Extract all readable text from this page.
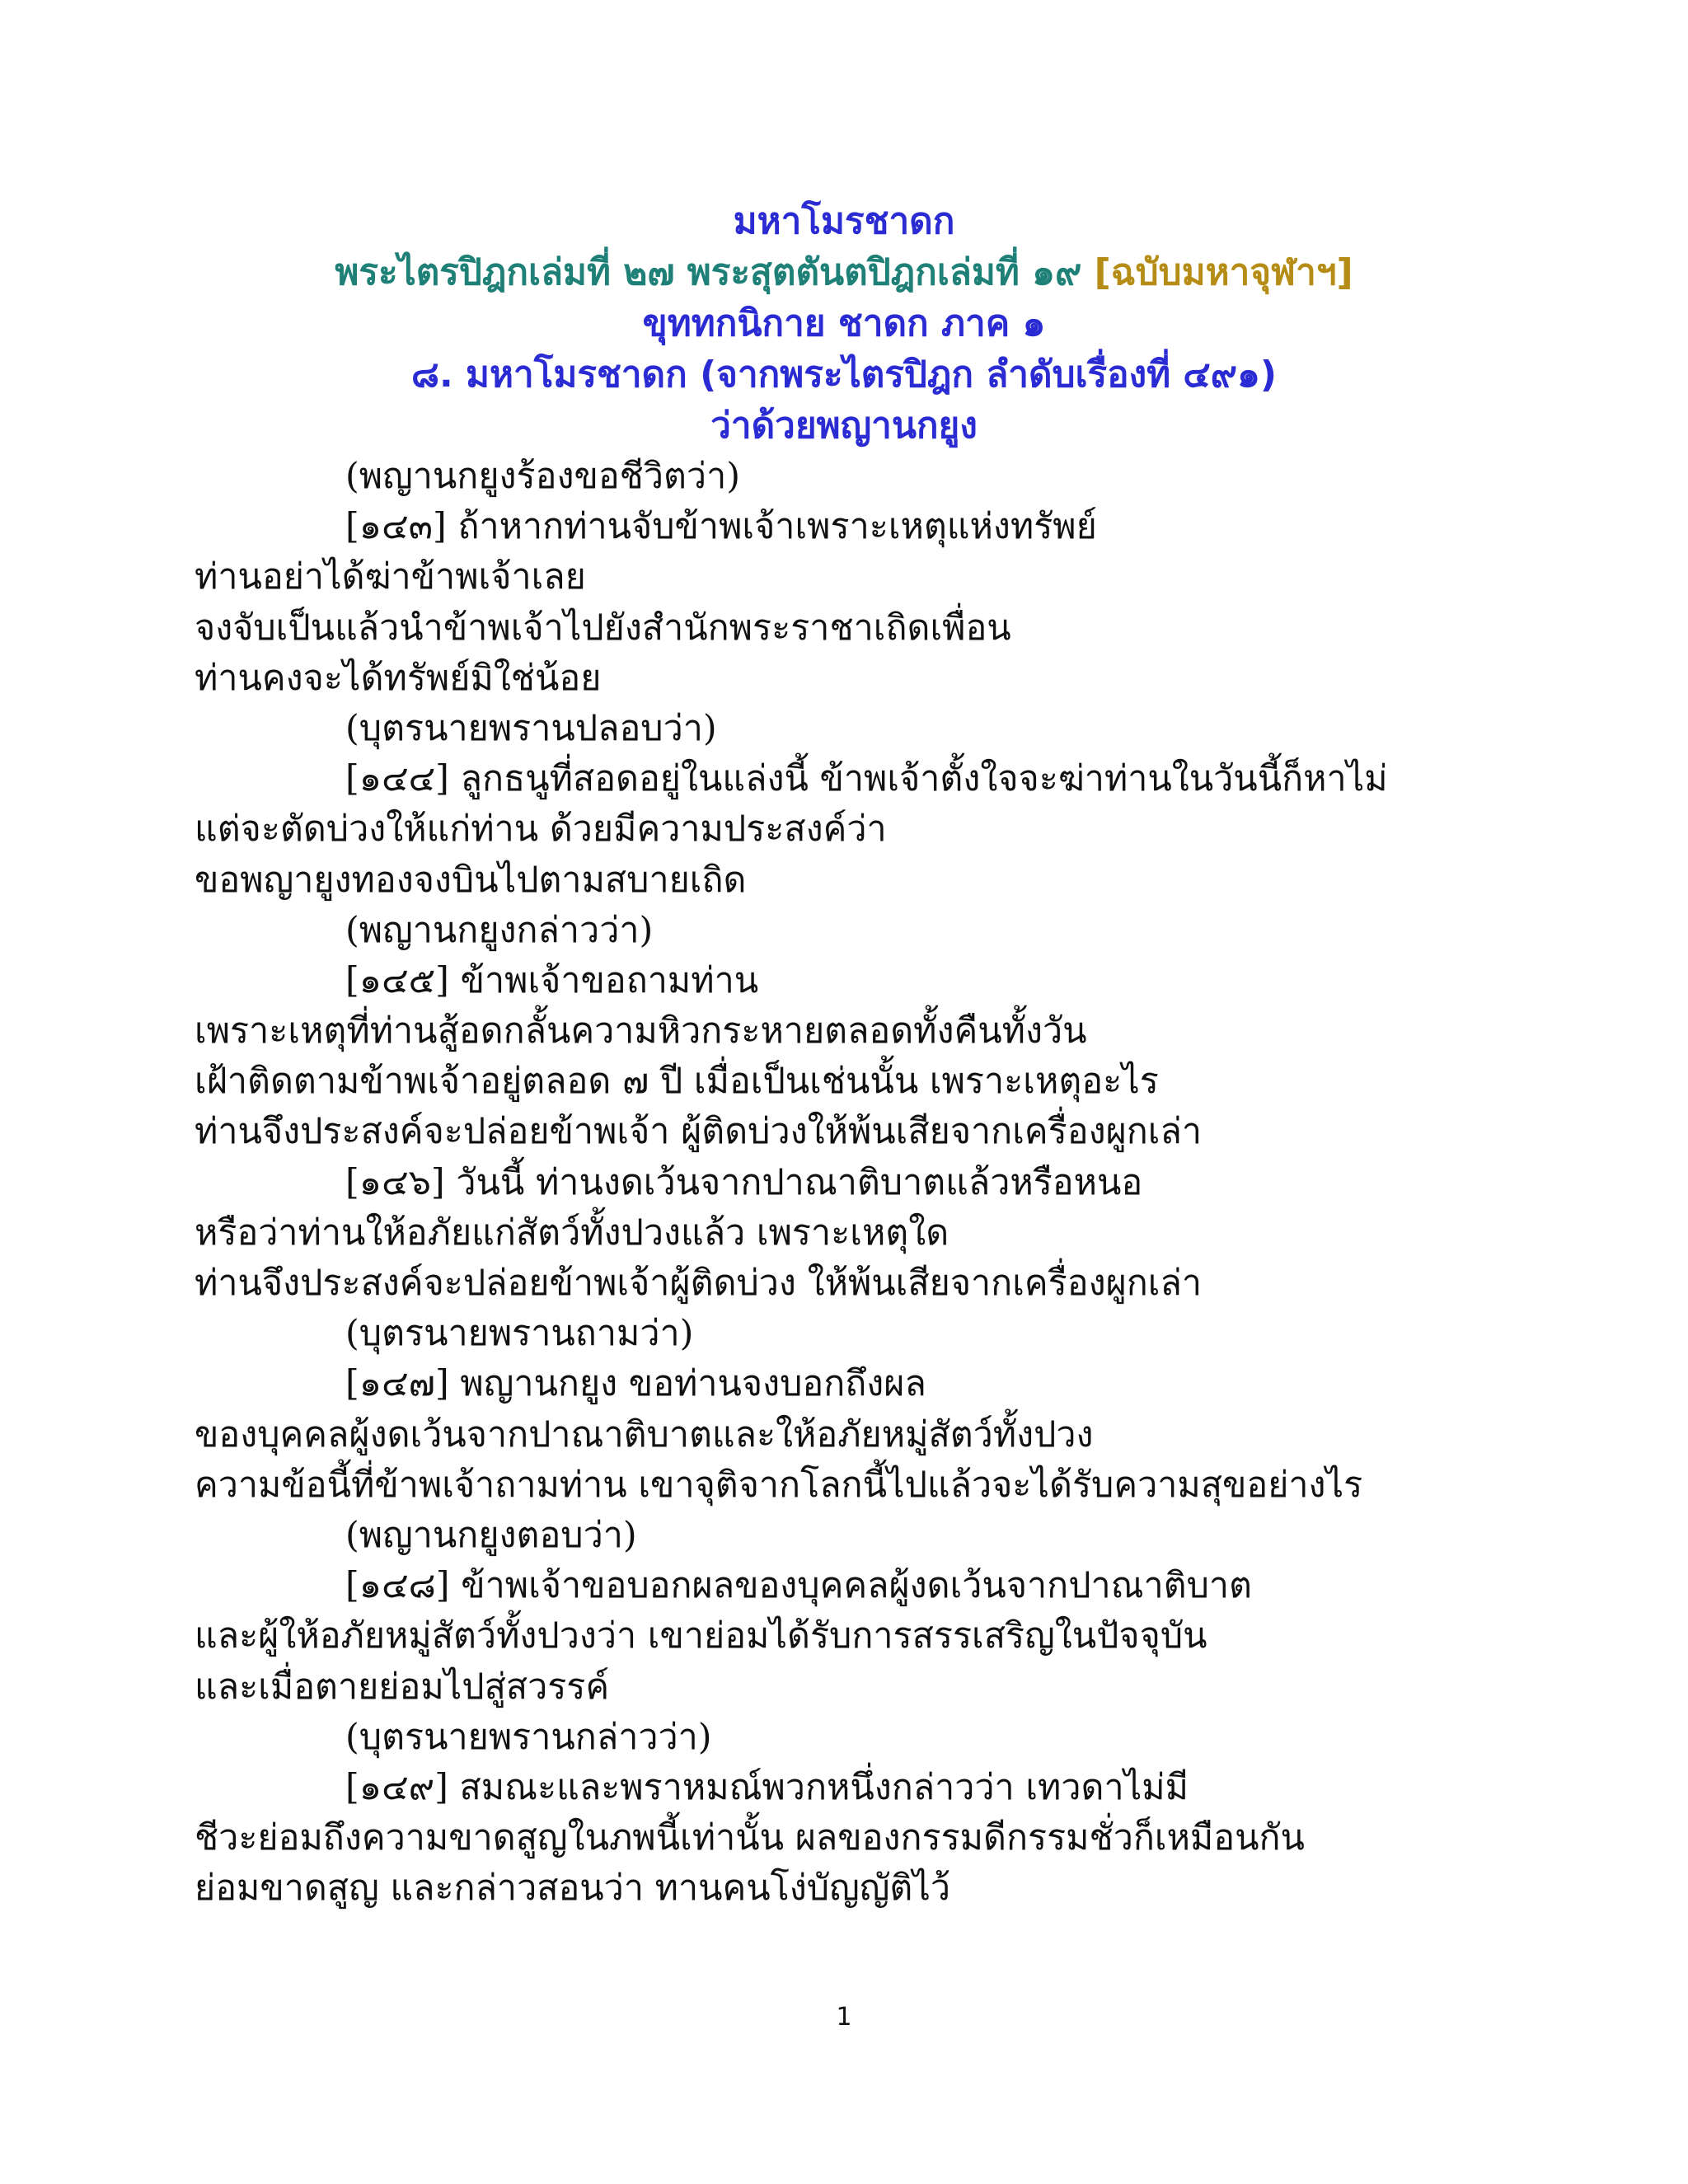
มหาโมรชาดก
พระไตรปิฎกเล่มที่ ๒๗ พระสุตตันตปิฎกเล่มที่ ๑๙ [ฉบับมหาจุฬาฯ]
ขุททกนิกาย ชาดก ภาค ๑
๘. มหาโมรชาดก (จากพระไตรปิฎก ลำดับเรื่องที่ ๔๙๑)
ว่าด้วยพญานกยูง
(พญานกยูงร้องขอชีวิตว่า)
[๑๔๓] ถ้าหากท่านจับข้าพเจ้าเพราะเหตุแห่งทรัพย์
ท่านอย่าได้ฆ่าข้าพเจ้าเลย
จงจับเป็นแล้วนำข้าพเจ้าไปยังสำนักพระราชาเถิดเพื่อน
ท่านคงจะได้ทรัพย์มิใช่น้อย
(บุตรนายพรานปลอบว่า)
[๑๔๔] ลูกธนูที่สอดอยู่ในแล่งนี้ ข้าพเจ้าตั้งใจจะฆ่าท่านในวันนี้ก็หาไม่
แต่จะตัดบ่วงให้แก่ท่าน ด้วยมีความประสงค์ว่า
ขอพญายูงทองจงบินไปตามสบายเถิด
(พญานกยูงกล่าวว่า)
[๑๔๕] ข้าพเจ้าขอถามท่าน
เพราะเหตุที่ท่านสู้อดกลั้นความหิวกระหายตลอดทั้งคืนทั้งวัน
เฝ้าติดตามข้าพเจ้าอยู่ตลอด ๗ ปี เมื่อเป็นเช่นนั้น เพราะเหตุอะไร
ท่านจึงประสงค์จะปล่อยข้าพเจ้า ผู้ติดบ่วงให้พ้นเสียจากเครื่องผูกเล่า
[๑๔๖] วันนี้ ท่านงดเว้นจากปาณาติบาตแล้วหรือหนอ
หรือว่าท่านให้อภัยแก่สัตว์ทั้งปวงแล้ว เพราะเหตุใด
ท่านจึงประสงค์จะปล่อยข้าพเจ้าผู้ติดบ่วง ให้พ้นเสียจากเครื่องผูกเล่า
(บุตรนายพรานถามว่า)
[๑๔๗] พญานกยูง ขอท่านจงบอกถึงผล
ของบุคคลผู้งดเว้นจากปาณาติบาตและให้อภัยหมู่สัตว์ทั้งปวง
ความข้อนี้ที่ข้าพเจ้าถามท่าน เขาจุติจากโลกนี้ไปแล้วจะได้รับความสุขอย่างไร
(พญานกยูงตอบว่า)
[๑๔๘] ข้าพเจ้าขอบอกผลของบุคคลผู้งดเว้นจากปาณาติบาต
และผู้ให้อภัยหมู่สัตว์ทั้งปวงว่า เขาย่อมได้รับการสรรเสริญในปัจจุบัน
และเมื่อตายย่อมไปสู่สวรรค์
(บุตรนายพรานกล่าวว่า)
[๑๔๙] สมณะและพราหมณ์พวกหนึ่งกล่าวว่า เทวดาไม่มี
ชีวะย่อมถึงความขาดสูญในภพนี้เท่านั้น ผลของกรรมดีกรรมชั่วก็เหมือนกัน
ย่อมขาดสูญ และกล่าวสอนว่า ทานคนโง่บัญญัติไว้
1
